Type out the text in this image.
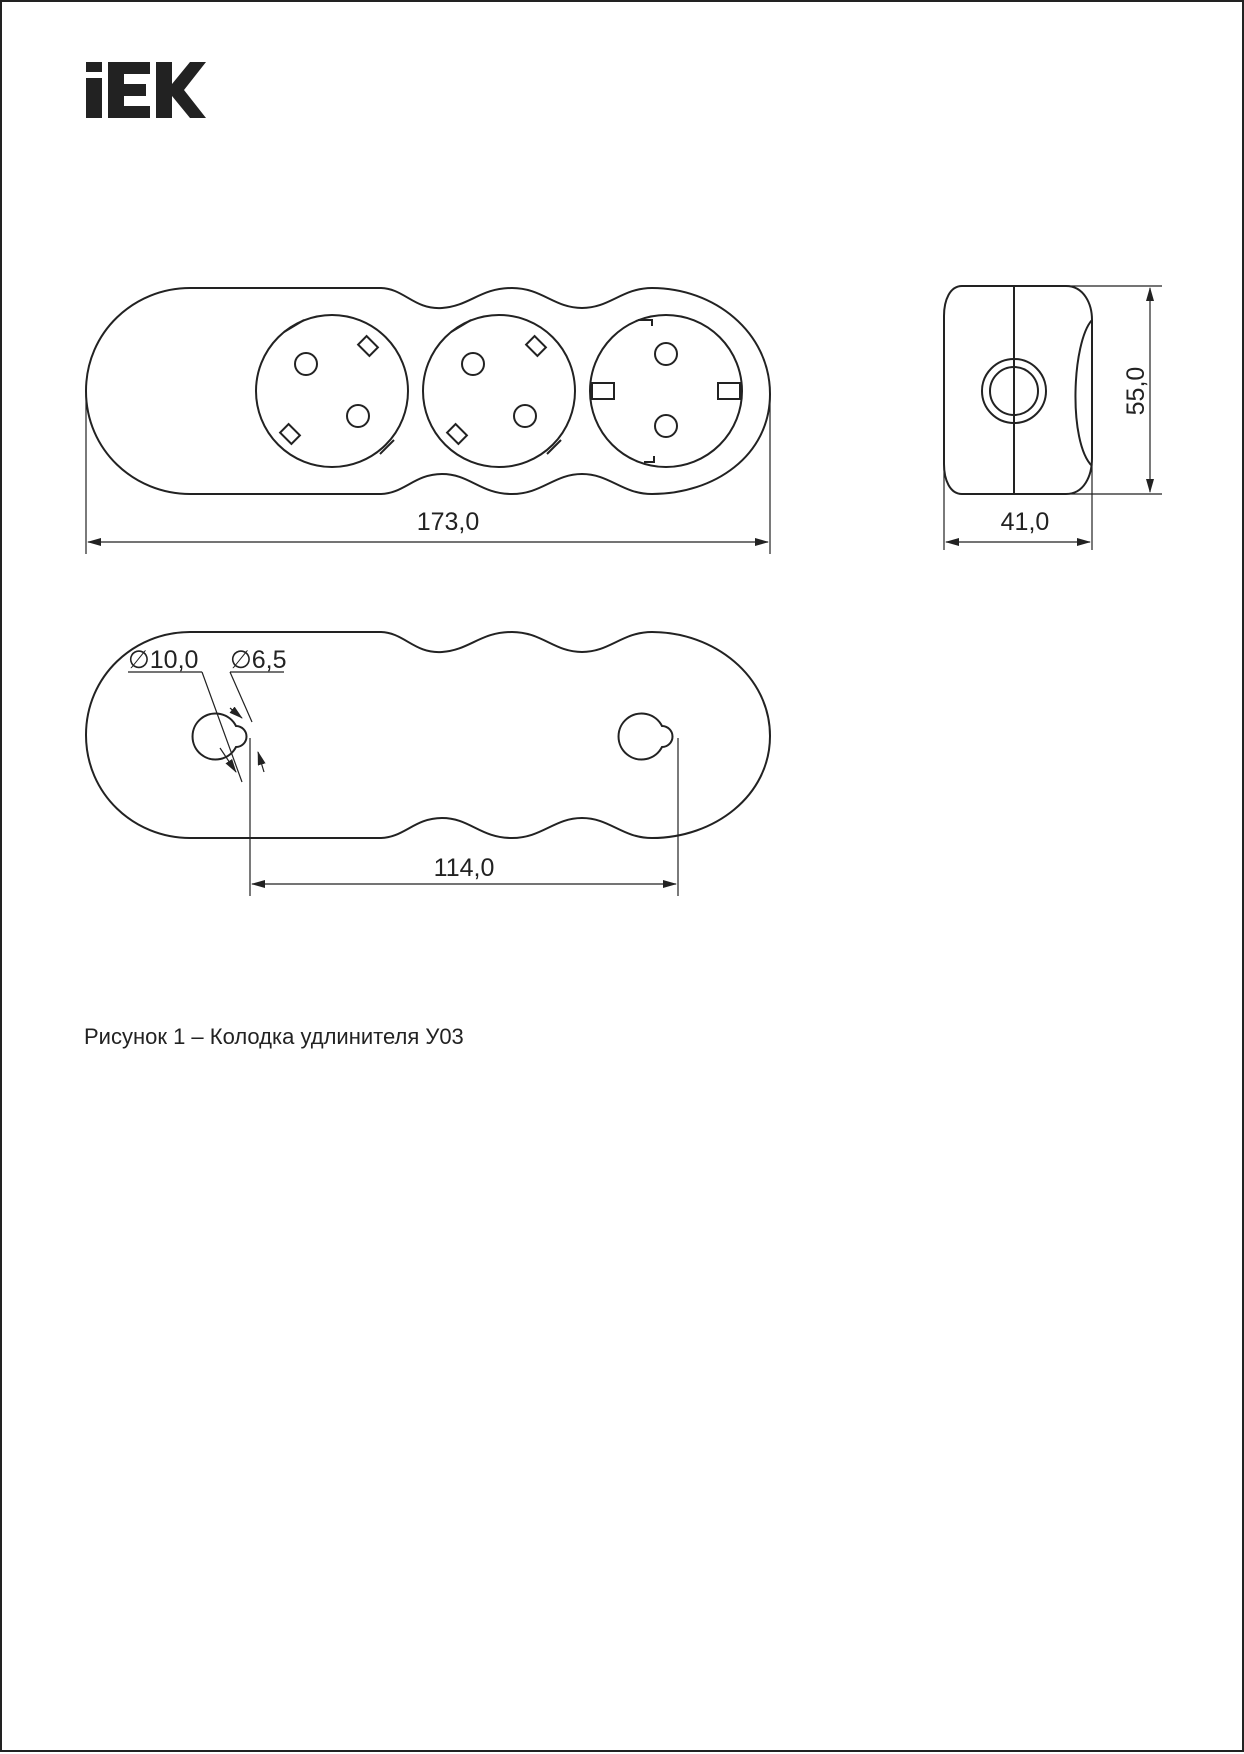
173,0
55,0
41,0
∅10,0 ∅6,5
114,0
Рисунок 1 – Колодка удлинителя У03
